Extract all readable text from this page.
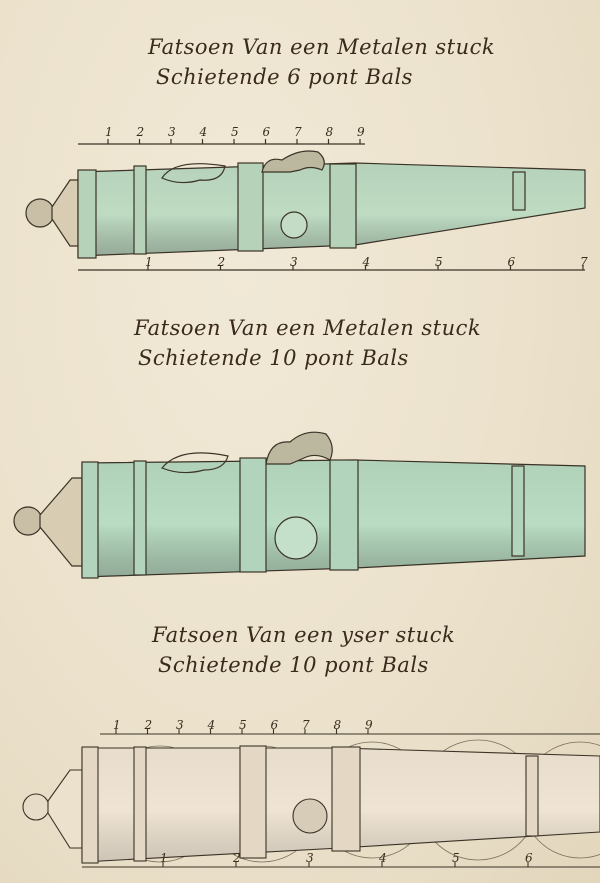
Fatsoen Van een Metalen stuck
Schietende 6 pont Bals
Fatsoen Van een Metalen stuck
Schietende 10 pont Bals
Fatsoen Van een yser stuck
Schietende 10 pont Bals
1 2 3 4 5 6 7 8 9
1	2	3	4	5	6	7
1 2 3 4 5 6 7 8 9
1	2	3	4	5	6
